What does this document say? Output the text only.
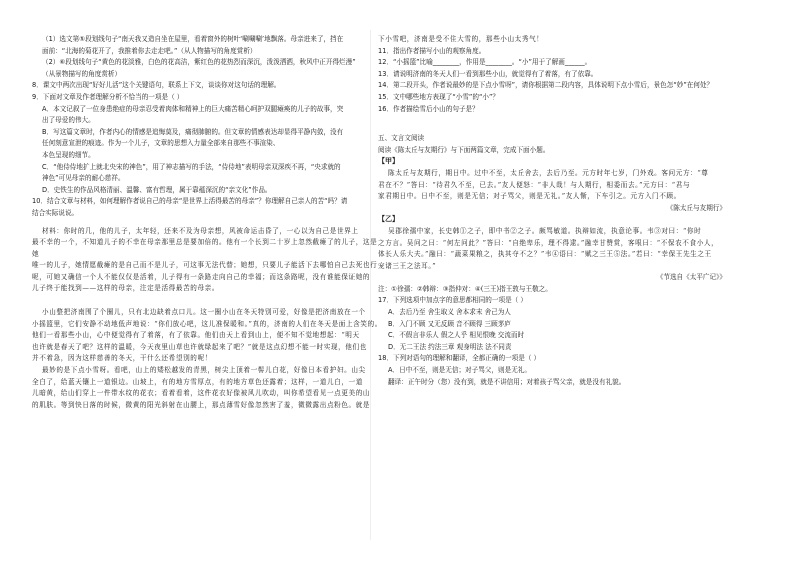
（1）选文第⑤段划线句子“南天我又造自坐在屋里，看着窗外的树叶‘唰唰唰’地飘落。母亲进来了，挡在

面前：“北海的菊花开了，我推着你去走走吧。”（从人物描写的角度赏析）

（2）⑥段划线句子“黄色的花淡雅，白色的花高洁，紫红色的花热烈而深沉，泼泼洒洒，秋风中正开得烂漫”

（从景物描写的角度赏析）

8．课文中两次出现“好好儿活”这个关键语句，联系上下文，谈谈你对这句话的理解。

9．下面对文章及作者理解分析不恰当的一项是（ ）

A．本文记叙了一位身患绝症的母亲忍受着肉体和精神上的巨大痛苦精心呵护双腿瘫痪的儿子的故事，突

出了母爱的伟大。

B．写这篇文章时，作者内心的情感是追悔莫及，痛彻肺腑的。但文章的情感表达却显得平静内敛，没有

任何刻意宣泄的痕迹。作为一个儿子，文章的思想入力量全部来自那些不事渲染、

本色呈现的细节。

C．“他侍侍地扩上就北央宋的神色”，用了神志描写的手法，“侍侍地”表明母亲双深疾不再，“央求就的

神色”可见母亲的耐心慈祥。

D．史铁生的作品风格清丽、温馨、富有哲理，属于靠蕴深沉的“亲文化”作品。

10．结合文章与材料，如何理解作者说自己的母亲“是世界上活得最苦的母亲”？你理解自己亲人的苦“吗？请

结合实际说说。

材料：你时的几，他的儿子，太年轻，还来不及为母亲想，风被命运击昏了，一心以为自己是世界上

最不幸的一个，不知道儿子的不幸在母亲那里总是要加倍的。他有一个长到二十岁上忽然截瘫了的儿子，这是她

唯一的儿子，她情愿截瘫的是自己而不是儿子，可这事无法代替；她想，只要儿子能活下去哪怕自己去死也行

呢，可她又确信一个人不能仅仅是活着，儿子得有一条路走向自己的幸福；而这条路呢，没有谁能保证她的

儿子终于能找到——这样的母亲，注定是活得最苦的母亲。

小山整把济南围了个圈儿，只有北边缺着点口儿。这一圈小山在冬天特别可爱，好像是把济南放在一个

小摇篮里，它们安静不动地低声地说：“你们放心吧，这儿准保暖和。”真的，济南的人们在冬天是面上含笑的。

他们一看那些小山，心中便觉得有了着落，有了依靠。他们由天上看到山上，便不知不觉地想起：“明天

也许就是春天了吧？这样的温暖，今天夜里山草也许就绿起来了吧？”就是这点幻想不能一时实现，他们也

并不着急，因为这样慈善的冬天，干什么还希望别的呢！

最妙的是下点小雪呀。看吧，山上的矮松越发的青黑，树尖上顶着一髻儿白花，好像日本看护妇。山尖

全白了，给蓝天镶上一道银边。山坡上，有的地方雪厚点，有的地方草色还露着；这样，一道儿白，一道

儿暗黄，给山们穿上一件带水纹的花衣；看着看着，这件花衣好像被风儿吹动，叫你希望看见一点更美的山

的肌肤。等到快日落的时候，微黄的阳光斜射在山腰上，那点薄雪好像忽然害了羞，微微露出点粉色。就是

下小雪吧，济南是受不住大雪的，那些小山太秀气！

11．指出作者描写小山的观察角度。

12．“小摇篮”比喻________，作用是________。“小”用于了解画______。

13．请说明济南的冬天人们一看到那些小山，就觉得有了着落，有了依靠。

14．第二段开头，作者说最妙的是下点小雪呀”，请你根据第二段内容，具体说明下点小雪后，景色怎“妙”在何处？

15．文中哪些地方表现了“小雪”的“小”？

16．作者描绘雪后小山的句子是？

五、文言文阅读

阅读《陈太丘与友期行》与下面两篇文章，完成下面小题。

【甲】

陈太丘与友期行，期日中。过中不至，太丘舍去，去后乃至。元方时年七岁，门外戏。客问元方：“尊

君在不？”答曰：“待君久不至，已去。”友人便怒：“非人哉！与人期行，相委而去。”元方曰：“君与

家君期日中。日中不至，则是无信；对子骂父，则是无礼。”友人惭，下车引之。元方入门不顾。

《陈太丘与友期行》

【乙】

吴郡徐孺中家，长史韩①之子，即中书②之子。颇骂敏道。执辩如流，执意论事。韦③对曰：“你时

之方言。吴问之曰：“何左问此？”答曰：“自绝卑乐，理不得逮。”融幸甘赞赏，客哏曰：“不保农不食小人，

体长人乐大夫。”融曰：“蔬菜果粮之，执其夺不之？”韦④语曰：“赋之三王⑤法。”若曰：“幸保王先生之王

宠诸三王之法耳。”

《节选自《太平广记》》

注：①徐孺：②韩辩：③指仲对：④(三王)指王敦与王敬之。

17．下列选项中加点字的意思都相同的一项是（ ）

A．去后乃至 舍生取义 舍本求末 舍己为人

B．入门不顾 又无反顾 音不顾得 三顾茅庐

C．不假言非乐人 假之人乎 相见恨晚 交流而时

D．无二王法 约法三章 观身明法 法不同责

18．下列对语句的理解和翻译，全都正确的一项是（ ）

A．日中不至，则是无信；对子骂父，则是无礼。

翻译：正午时分（您）没有到，就是不讲信用；对着孩子骂父亲，就是没有礼貌。
